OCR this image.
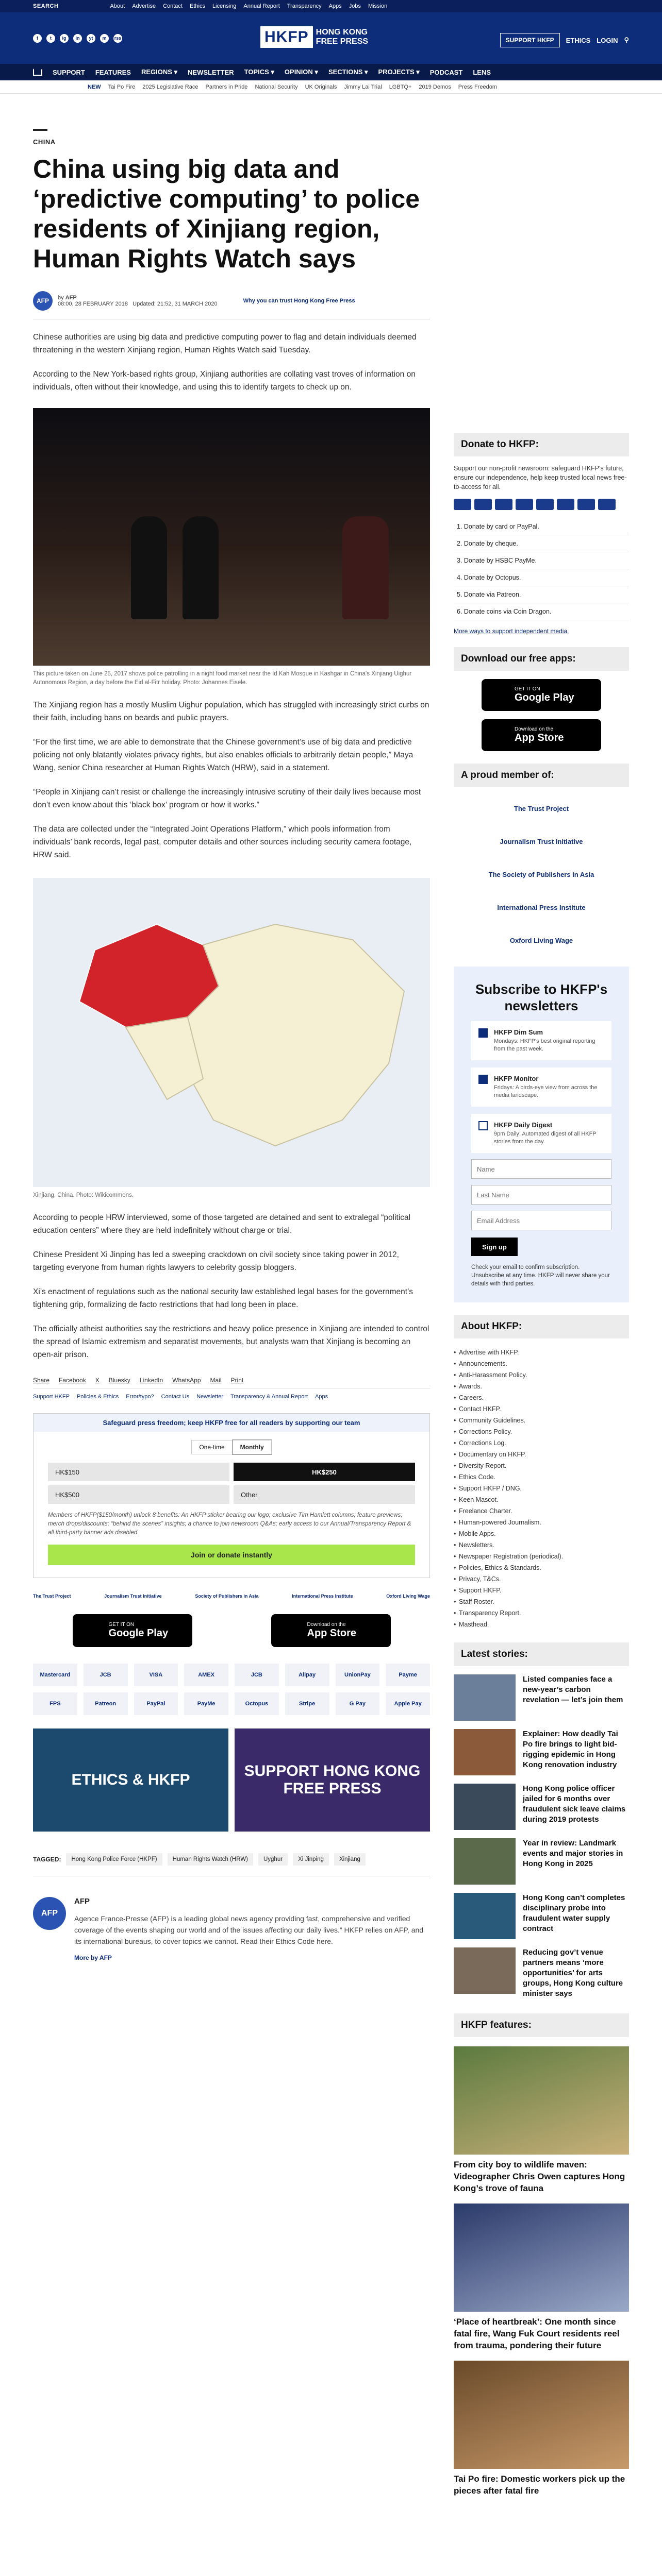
SEARCH	About Advertise Contact Ethics Licensing Annual Report Transparency Apps Jobs Mission
f	t	ig	in	yt	m	rss	HKFP HONG KONG
FREE PRESS	SUPPORT HKFP	ETHICS LOGIN ⚲
SUPPORT FEATURES REGIONS ▾ NEWSLETTER TOPICS ▾ OPINION ▾ SECTIONS ▾ PROJECTS ▾ PODCAST LENS
NEW Tai Po Fire 2025 Legislative Race Partners in Pride National Security UK Originals Jimmy Lai Trial LGBTQ+ 2019 Demos Press Freedom
CHINA
China using big data and ‘predictive computing’ to police residents of Xinjiang region, Human Rights Watch says
AFP	by AFP
08:00, 28 FEBRUARY 2018 Updated: 21:52, 31 MARCH 2020	Why you can trust Hong Kong Free Press

Chinese authorities are using big data and predictive computing power to flag and detain individuals deemed threatening in the western Xinjiang region, Human Rights Watch said Tuesday.

According to the New York-based rights group, Xinjiang authorities are collating vast troves of information on individuals, often without their knowledge, and using this to identify targets to check up on.

This picture taken on June 25, 2017 shows police patrolling in a night food market near the Id Kah Mosque in Kashgar in China's Xinjiang Uighur Autonomous Region, a day before the Eid al-Fitr holiday. Photo: Johannes Eisele.

The Xinjiang region has a mostly Muslim Uighur population, which has struggled with increasingly strict curbs on their faith, including bans on beards and public prayers.

“For the first time, we are able to demonstrate that the Chinese government’s use of big data and predictive policing not only blatantly violates privacy rights, but also enables officials to arbitrarily detain people,” Maya Wang, senior China researcher at Human Rights Watch (HRW), said in a statement.

“People in Xinjiang can’t resist or challenge the increasingly intrusive scrutiny of their daily lives because most don’t even know about this ‘black box’ program or how it works.”

The data are collected under the “Integrated Joint Operations Platform,” which pools information from individuals’ bank records, legal past, computer details and other sources including security camera footage, HRW said.

Xinjiang, China. Photo: Wikicommons.

According to people HRW interviewed, some of those targeted are detained and sent to extralegal “political education centers” where they are held indefinitely without charge or trial.

Chinese President Xi Jinping has led a sweeping crackdown on civil society since taking power in 2012, targeting everyone from human rights lawyers to celebrity gossip bloggers.

Xi’s enactment of regulations such as the national security law established legal bases for the government’s tightening grip, formalizing de facto restrictions that had long been in place.

The officially atheist authorities say the restrictions and heavy police presence in Xinjiang are intended to control the spread of Islamic extremism and separatist movements, but analysts warn that Xinjiang is becoming an open-air prison.

Share Facebook X Bluesky LinkedIn WhatsApp Mail Print
Support HKFP Policies & Ethics Error/typo? Contact Us Newsletter Transparency & Annual Report Apps
Safeguard press freedom; keep HKFP free for all readers by supporting our team
One-time	Monthly
HK$150	HK$250
HK$500	Other

Members of HKFP($150/month) unlock 8 benefits: An HKFP sticker bearing our logo; exclusive Tim Hamlett columns; feature previews; merch drops/discounts; “behind the scenes” insights; a chance to join newsroom Q&As; early access to our Annual/Transparency Report & all third-party banner ads disabled.

Join or donate instantly
The Trust Project	Journalism Trust Initiative	Society of Publishers in Asia	International Press Institute	Oxford Living Wage
GET IT ON
Google Play
Download on the
App Store
Mastercard	JCB	VISA	AMEX	JCB	Alipay	UnionPay	Payme
FPS	Patreon	PayPal	PayMe	Octopus	Stripe	G Pay	Apple Pay
ETHICS & HKFP
SUPPORT HONG KONG FREE PRESS
TAGGED:	Hong Kong Police Force (HKPF)	Human Rights Watch (HRW)	Uyghur	Xi Jinping	Xinjiang
AFP
AFP

Agence France-Presse (AFP) is a leading global news agency providing fast, comprehensive and verified coverage of the events shaping our world and of the issues affecting our daily lives.” HKFP relies on AFP, and its international bureaus, to cover topics we cannot. Read their Ethics Code here.

More by AFP
Donate to HKFP:

Support our non-profit newsroom: safeguard HKFP's future, ensure our independence, help keep trusted local news free-to-access for all.

1. Donate by card or PayPal.
2. Donate by cheque.
3. Donate by HSBC PayMe.
4. Donate by Octopus.
5. Donate via Patreon.
6. Donate coins via Coin Dragon.
More ways to support independent media.
Download our free apps:
GET IT ON
Google Play
Download on the
App Store
A proud member of:
The Trust Project
Journalism Trust Initiative
The Society of Publishers in Asia
International Press Institute
Oxford Living Wage
Subscribe to HKFP's newsletters
HKFP Dim Sum
Mondays: HKFP's best original reporting from the past week.
HKFP Monitor
Fridays: A birds-eye view from across the media landscape.
HKFP Daily Digest
9pm Daily: Automated digest of all HKFP stories from the day.
Name Last Name Email Address
Sign up

Check your email to confirm subscription. Unsubscribe at any time. HKFP will never share your details with third parties.

About HKFP:
• Advertise with HKFP.
• Announcements.
• Anti-Harassment Policy.
• Awards.
• Careers.
• Contact HKFP.
• Community Guidelines.
• Corrections Policy.
• Corrections Log.
• Documentary on HKFP.
• Diversity Report.
• Ethics Code.
• Support HKFP / DNG.
• Keen Mascot.
• Freelance Charter.
• Human-powered Journalism.
• Mobile Apps.
• Newsletters.
• Newspaper Registration (periodical).
• Policies, Ethics & Standards.
• Privacy, T&Cs.
• Support HKFP.
• Staff Roster.
• Transparency Report.
• Masthead.
Latest stories:
Listed companies face a new-year’s carbon revelation — let’s join them
Explainer: How deadly Tai Po fire brings to light bid-rigging epidemic in Hong Kong renovation industry
Hong Kong police officer jailed for 6 months over fraudulent sick leave claims during 2019 protests
Year in review: Landmark events and major stories in Hong Kong in 2025
Hong Kong can’t completes disciplinary probe into fraudulent water supply contract
Reducing gov’t venue partners means ‘more opportunities’ for arts groups, Hong Kong culture minister says
HKFP features:
From city boy to wildlife maven: Videographer Chris Owen captures Hong Kong’s trove of fauna
‘Place of heartbreak’: One month since fatal fire, Wang Fuk Court residents reel from trauma, pondering their future
Tai Po fire: Domestic workers pick up the pieces after fatal fire
